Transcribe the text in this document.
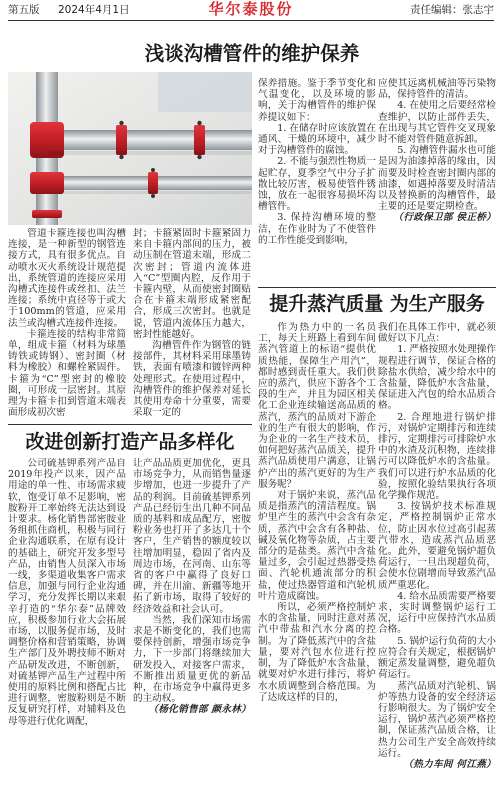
第五版 2024年4月1日	华尔泰股份	责任编辑：张志宇
浅谈沟槽管件的维护保养

管道卡箍连接也叫沟槽连接，是一种新型的钢管连接方式，具有很多优点。自动喷水灭火系统设计规范提出，系统管道的连接应采用沟槽式连接件或丝扣、法兰连接；系统中直径等于或大于100mm的管道，应采用法兰或沟槽式连接件连接。

卡箍连接的结构非常简单，组成卡箍（材料为球墨铸铁或铸钢）、密封圈（材料为橡胶）和螺栓紧固件。卡箍为“C”型密封的橡胶圈，可形成一层密封。其原理为卡箍卡扣到管道末端表面形成初次密

封；卡箍紧固时卡箍紧固力来自卡箍内部间的压力，被动压制在管道末端，形成二次密封；管道内流体进入“C”型圈内腔，反作用于卡箍内壁，从而使密封圈贴合在卡箍末端形成紧密配合，形成三次密封。也就是说，管道内流体压力越大，密封性能越好。

沟槽管件作为钢管的链接部件，其材料采用球墨铸铁，表面有喷漆和镀锌两种处理形式。在使用过程中，沟槽管件的维护保养对延长其使用寿命十分重要，需要采取一定的

保养措施。鉴于季节变化和气温变化，以及环境的影响，关于沟槽管件的维护保养提议如下：

1. 在储存时应该放置在通风、干燥的环境中，减少对于沟槽管件的腐蚀。

2. 不能与强烈性物质一起贮存，夏季空气中分子扩散比较厉害，极易使管件锈蚀，放在一起很容易损坏沟槽管件。

3. 保持沟槽环境的整洁，在作业时为了不使管件的工作性能受到影响，

应使其远离机械油等污染物品，保持管件的清洁。

4. 在使用之后要经常检查维护，以防止部件丢失，在出现与其它管件交叉现象时不能对管件随意拆卸。

5. 沟槽管件漏水也可能是因为油漆掉落的缘由，因而要及时检查密封圈内部的油漆，如遇掉落要及时清洁以及替换新的沟槽管件，最主要的还是要定期检查。

（行政保卫部 侯正桥）

改进创新打造产品多样化

公司硫基钾系列产品自2019年投产以来，因产品用途的单一性、市场需求疲软，饱受订单不足影响，密胺粉开工率始终无法达到设计要求。杨化销售部密胺业务组抓住商机，积极与同行企业沟通联系，在原有设计的基础上，研究开发多型号产品，由销售人员深入市场一线，多渠道收集客户需求信息，加强与同行企业沟通学习，充分发挥长期以来艰辛打造的“华尔泰”品牌效应，积极参加行业大会拓展市场，以服务促市场，及时调整价格和营销策略，协调生产部门及外聘技师不断对产品研发改进，不断创新，对硫基钾产品生产过程中所使用的原料比例和搭配占比进行调整，密胺粉则是不断反复研究打样，对辅料及色母等进行优化调配，

让产品品质更加优化，更具市场竞争力，从而销售量逐步增加，也进一步提升了产品的利润。目前硫基钾系列产品已经衍生出几种不同品质的基料和成品配方，密胺粉业务也打开了多达几十个客户，生产销售的额度较以往增加明显，稳固了省内及周边市场，在河南、山东等省的客户中赢得了良好口碑，并在川渝、新疆等地开拓了新市场，取得了较好的经济效益和社会认可。

当然，我们深知市场需求是不断变化的，我们也需要保持创新，增强市场竞争力，下一步部门将继续加大研发投入，对接客户需求，不断推出质量更优的新品种，在市场竞争中赢得更多的主动权。

（杨化销售部 颜永林）

提升蒸汽质量 为生产服务

作为热力中的一名员工，每天上班路上看到车间蒸汽管道上的标语“提供优质热能，保障生产用汽”，都时感到责任重大。我们供应的蒸汽，供应下游各个工段的生产，并且为园区相关化工企业连续输送高品质的蒸汽，蒸汽的品质对下游企业的生产有很大的影响，作为企业的一名生产技术员，如何把好蒸汽品质关，提升蒸汽品质使用户满意，让锅炉产出的蒸汽更好的为生产服务呢？

对于锅炉来说，蒸汽品质是指蒸汽的清洁程度。锅炉里产生的蒸汽中会含有杂质，蒸汽中会含有各种盐、碱及氧化物等杂质，占主要部分的是盐类。蒸汽中含盐量过多，会引起过热器受热面、汽轮机通流部分的积盐，使过热器管道和汽轮机叶片造成腐蚀。

所以，必须严格控制炉水的含盐量，同时注意对蒸汽中带盐和汽水分离的控制。为了降低蒸汽中的含盐量，要对汽包水位进行控制，为了降低炉水含盐量，就要对炉水进行排污，将炉水水质调整到合格范围。为了达成这样的目的，

我们在具体工作中，就必须做好以下几点：

1. 严格按照水处理操作规程进行调节，保证合格的除盐水供给，减少给水中的含盐量，降低炉水含盐量，保证进入汽包的给水品质合格。

2. 合理地进行锅炉排污，对锅炉定期排污和连续排污，定期排污可排除炉水中的水渣及沉积物，连续排污可以降低炉水的含盐量。我们可以进行炉水品质的化验，按照化验结果执行各项化学操作规范。

3. 按锅炉技术标准规定，严格控制锅炉正常水位，防止因水位过高引起蒸汽带水，造成蒸汽品质恶化。此外，要避免锅炉超负荷运行，一旦出现超负荷，会使水位剧增而导致蒸汽品质严重恶化。

4. 给水品质需要严格要求，实时调整锅炉运行工况，运行中应保持汽水品质合格。

5. 锅炉运行负荷的大小应符合有关规定，根据锅炉额定蒸发量调整，避免超负荷运行。

蒸汽品质对汽轮机、锅炉等热力设备的安全经济运行影响很大。为了锅炉安全运行，锅炉蒸汽必须严格控制，保证蒸汽品质合格，让热力公司生产安全高效持续运行。

（热力车间 何江燕）
